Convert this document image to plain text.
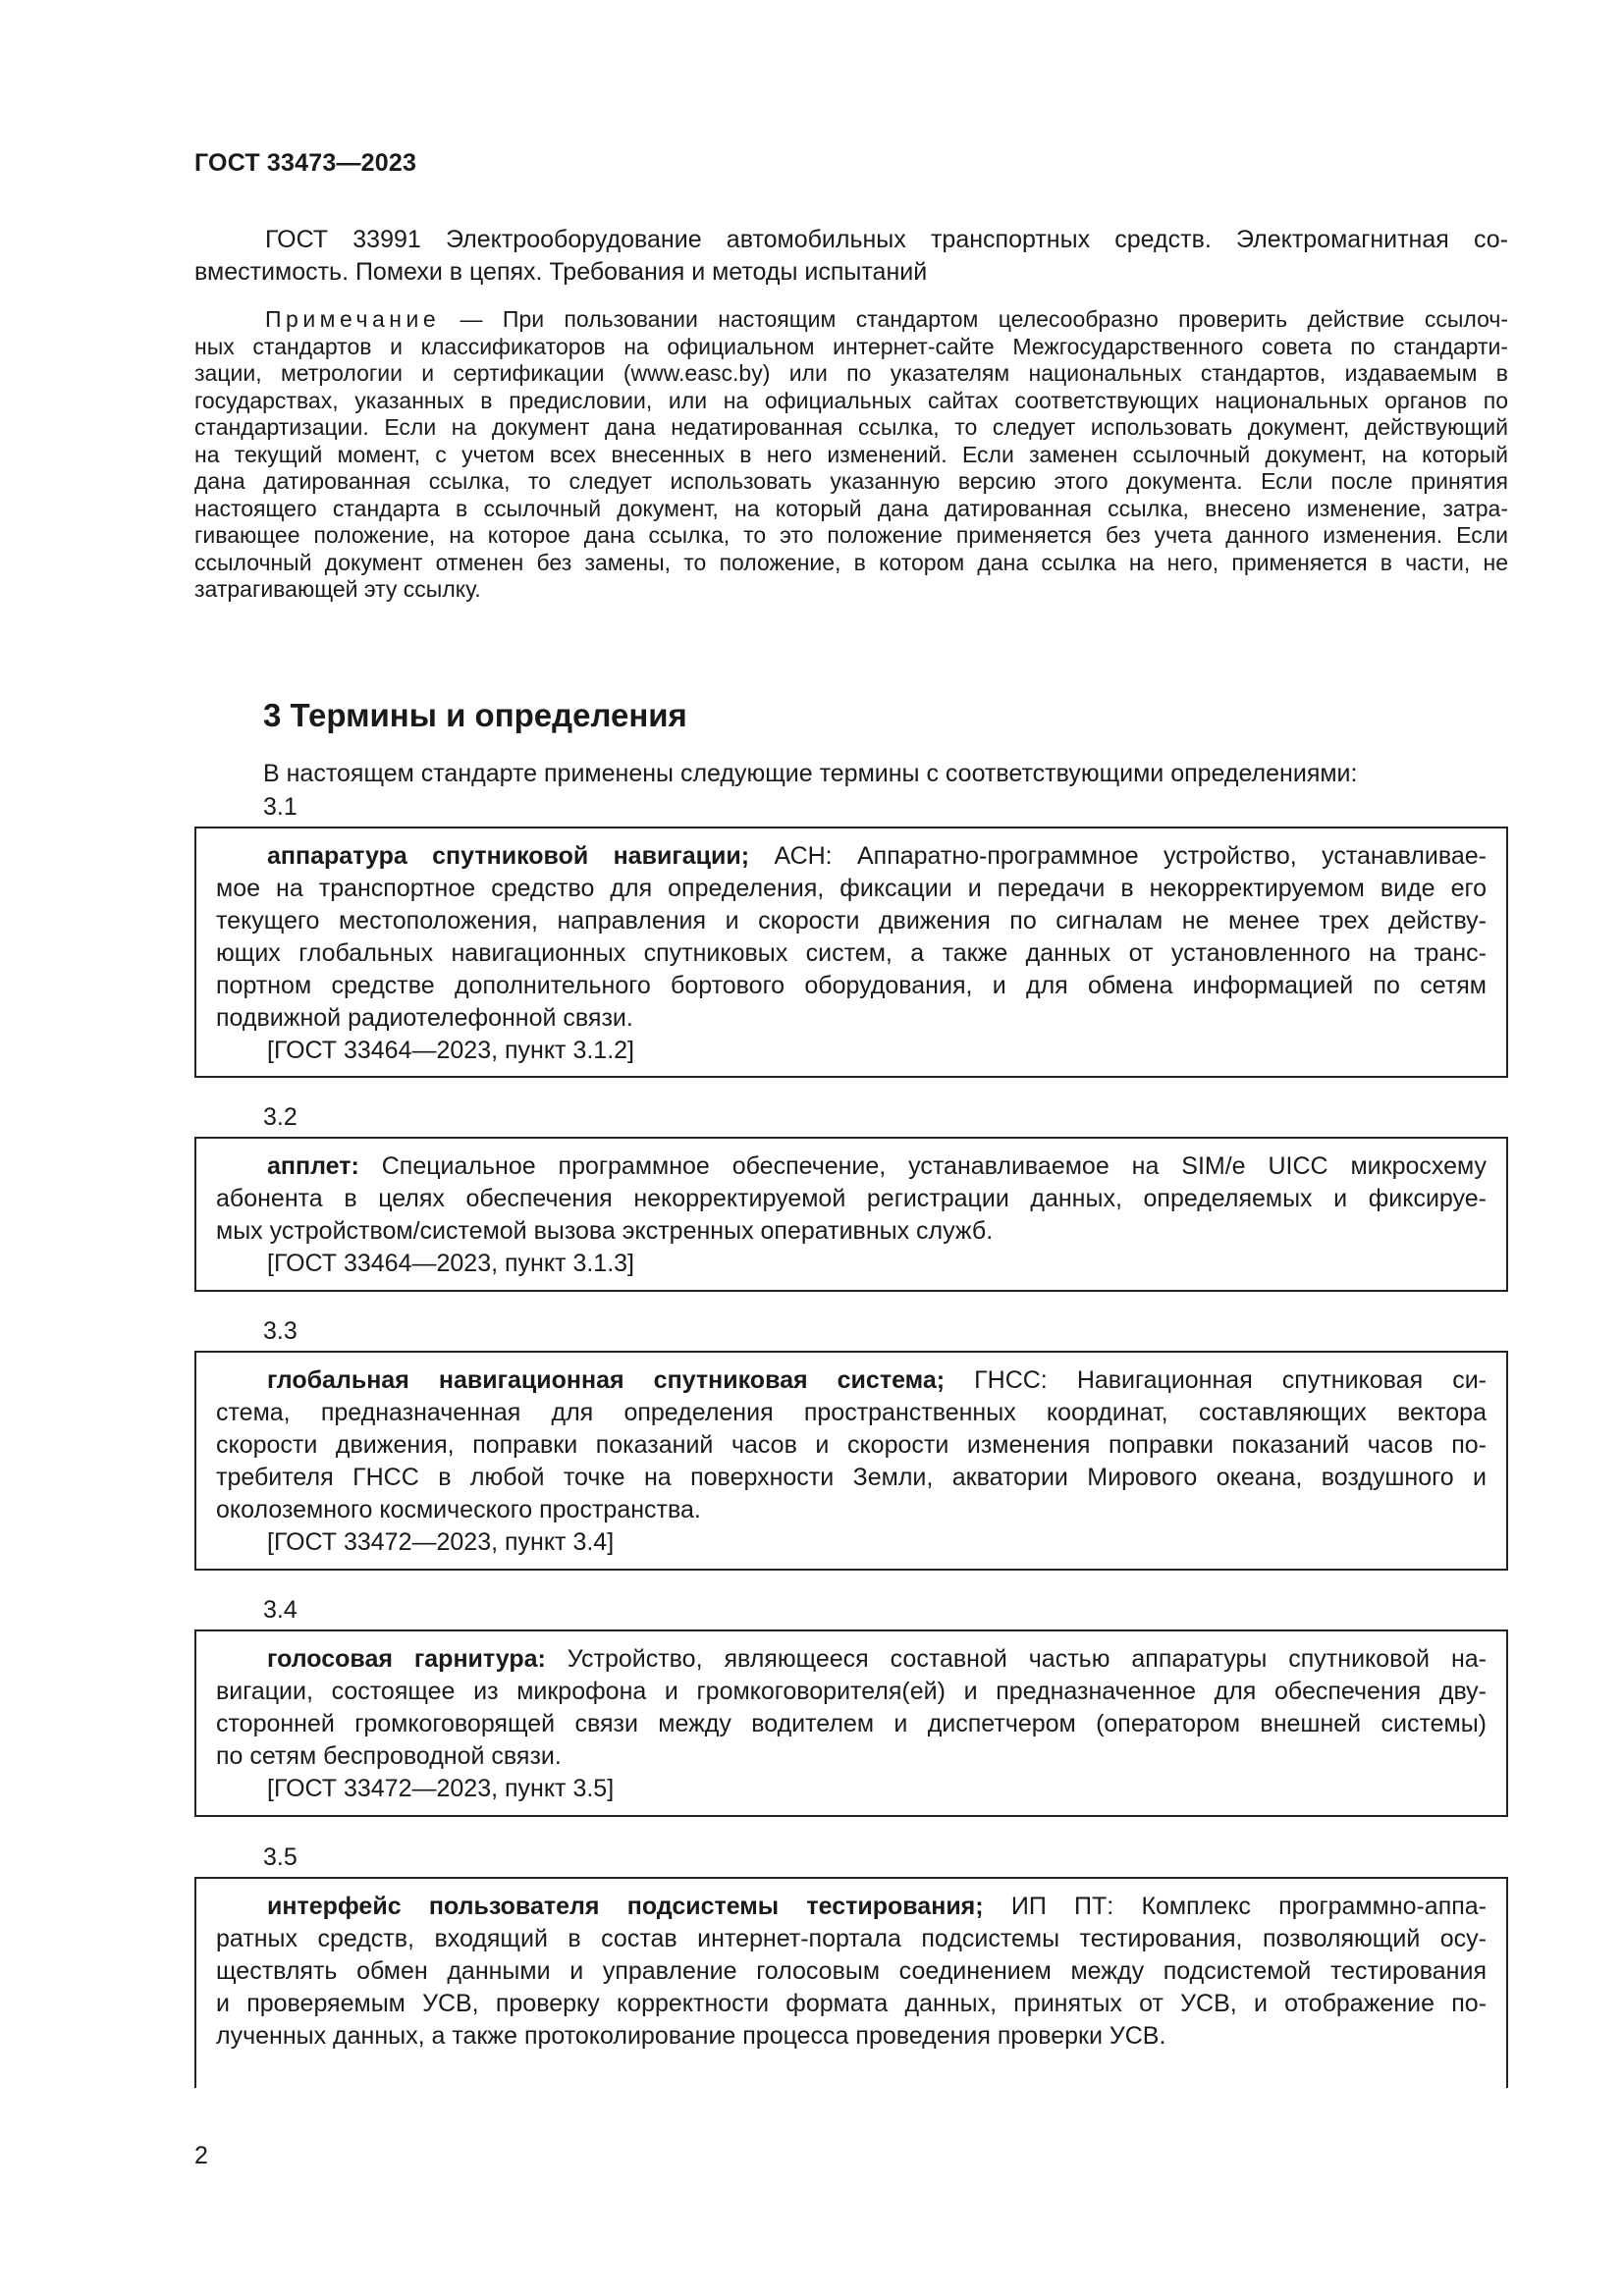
ГОСТ 33473—2023
ГОСТ 33991 Электрооборудование автомобильных транспортных средств. Электромагнитная со-
вместимость. Помехи в цепях. Требования и методы испытаний
Примечание — При пользовании настоящим стандартом целесообразно проверить действие ссылоч-
ных стандартов и классификаторов на официальном интернет-сайте Межгосударственного совета по стандарти-
зации, метрологии и сертификации (www.easc.by) или по указателям национальных стандартов, издаваемым в
государствах, указанных в предисловии, или на официальных сайтах соответствующих национальных органов по
стандартизации. Если на документ дана недатированная ссылка, то следует использовать документ, действующий
на текущий момент, с учетом всех внесенных в него изменений. Если заменен ссылочный документ, на который
дана датированная ссылка, то следует использовать указанную версию этого документа. Если после принятия
настоящего стандарта в ссылочный документ, на который дана датированная ссылка, внесено изменение, затра-
гивающее положение, на которое дана ссылка, то это положение применяется без учета данного изменения. Если
ссылочный документ отменен без замены, то положение, в котором дана ссылка на него, применяется в части, не
затрагивающей эту ссылку.
3 Термины и определения
В настоящем стандарте применены следующие термины с соответствующими определениями:
3.1
аппаратура спутниковой навигации; АСН: Аппаратно-программное устройство, устанавливае-
мое на транспортное средство для определения, фиксации и передачи в некорректируемом виде его
текущего местоположения, направления и скорости движения по сигналам не менее трех действу-
ющих глобальных навигационных спутниковых систем, а также данных от установленного на транс-
портном средстве дополнительного бортового оборудования, и для обмена информацией по сетям
подвижной радиотелефонной связи.
[ГОСТ 33464—2023, пункт 3.1.2]
3.2
апплет: Специальное программное обеспечение, устанавливаемое на SIM/e UICC микросхему
абонента в целях обеспечения некорректируемой регистрации данных, определяемых и фиксируе-
мых устройством/системой вызова экстренных оперативных служб.
[ГОСТ 33464—2023, пункт 3.1.3]
3.3
глобальная навигационная спутниковая система; ГНСС: Навигационная спутниковая си-
стема, предназначенная для определения пространственных координат, составляющих вектора
скорости движения, поправки показаний часов и скорости изменения поправки показаний часов по-
требителя ГНСС в любой точке на поверхности Земли, акватории Мирового океана, воздушного и
околоземного космического пространства.
[ГОСТ 33472—2023, пункт 3.4]
3.4
голосовая гарнитура: Устройство, являющееся составной частью аппаратуры спутниковой на-
вигации, состоящее из микрофона и громкоговорителя(ей) и предназначенное для обеспечения дву-
сторонней громкоговорящей связи между водителем и диспетчером (оператором внешней системы)
по сетям беспроводной связи.
[ГОСТ 33472—2023, пункт 3.5]
3.5
интерфейс пользователя подсистемы тестирования; ИП ПТ: Комплекс программно-аппа-
ратных средств, входящий в состав интернет-портала подсистемы тестирования, позволяющий осу-
ществлять обмен данными и управление голосовым соединением между подсистемой тестирования
и проверяемым УСВ, проверку корректности формата данных, принятых от УСВ, и отображение по-
лученных данных, а также протоколирование процесса проведения проверки УСВ.
2
